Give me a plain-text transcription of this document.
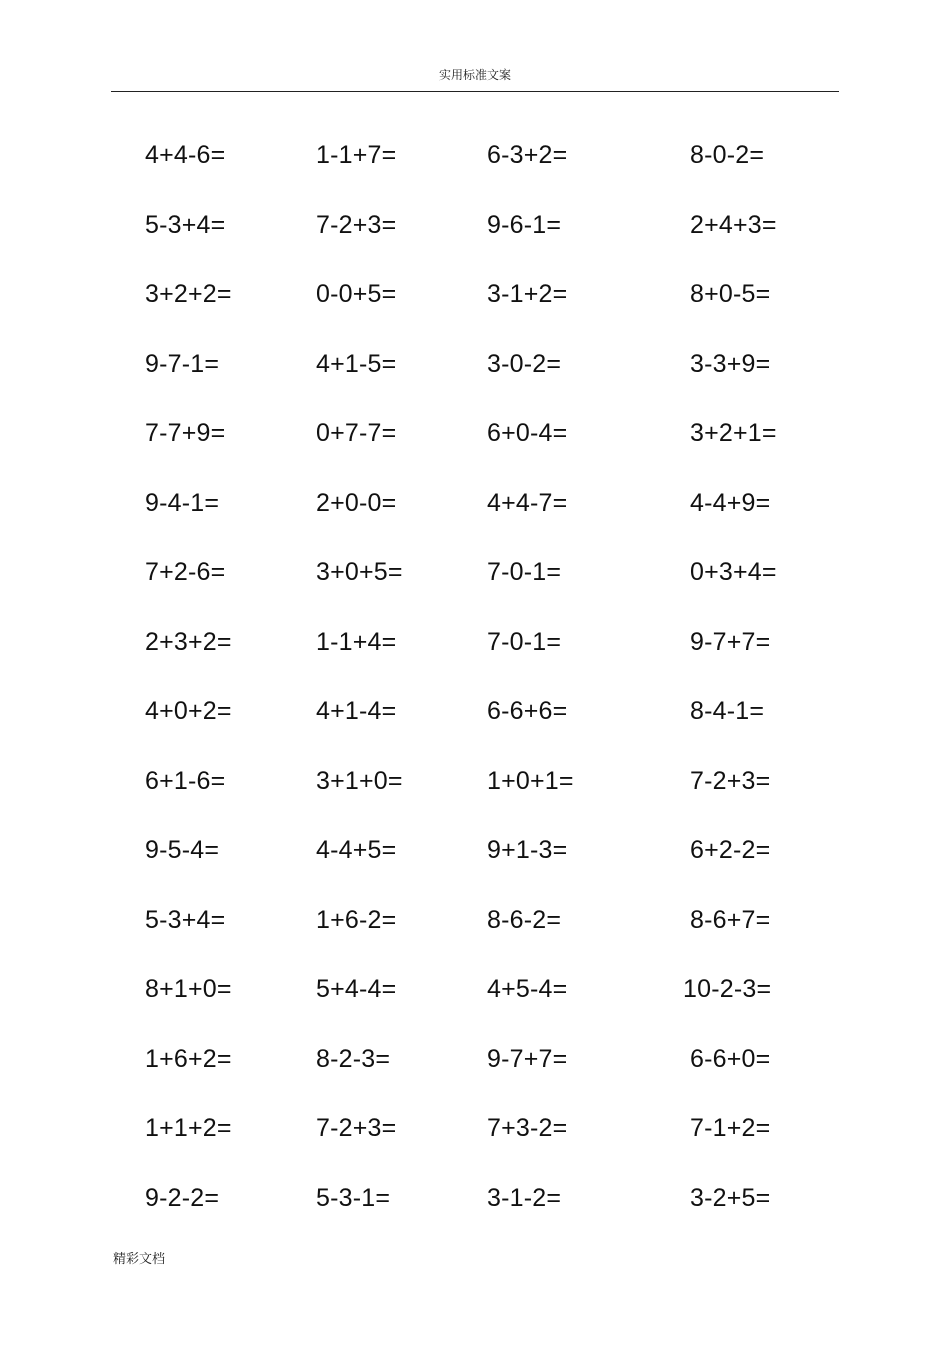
实用标准文案
4+4-6=	1-1+7=	6-3+2=	8-0-2=
5-3+4=	7-2+3=	9-6-1=	2+4+3=
3+2+2=	0-0+5=	3-1+2=	8+0-5=
9-7-1=	4+1-5=	3-0-2=	3-3+9=
7-7+9=	0+7-7=	6+0-4=	3+2+1=
9-4-1=	2+0-0=	4+4-7=	4-4+9=
7+2-6=	3+0+5=	7-0-1=	0+3+4=
2+3+2=	1-1+4=	7-0-1=	9-7+7=
4+0+2=	4+1-4=	6-6+6=	8-4-1=
6+1-6=	3+1+0=	1+0+1=	7-2+3=
9-5-4=	4-4+5=	9+1-3=	6+2-2=
5-3+4=	1+6-2=	8-6-2=	8-6+7=
8+1+0=	5+4-4=	4+5-4=	10-2-3=
1+6+2=	8-2-3=	9-7+7=	6-6+0=
1+1+2=	7-2+3=	7+3-2=	7-1+2=
9-2-2=	5-3-1=	3-1-2=	3-2+5=
精彩文档
